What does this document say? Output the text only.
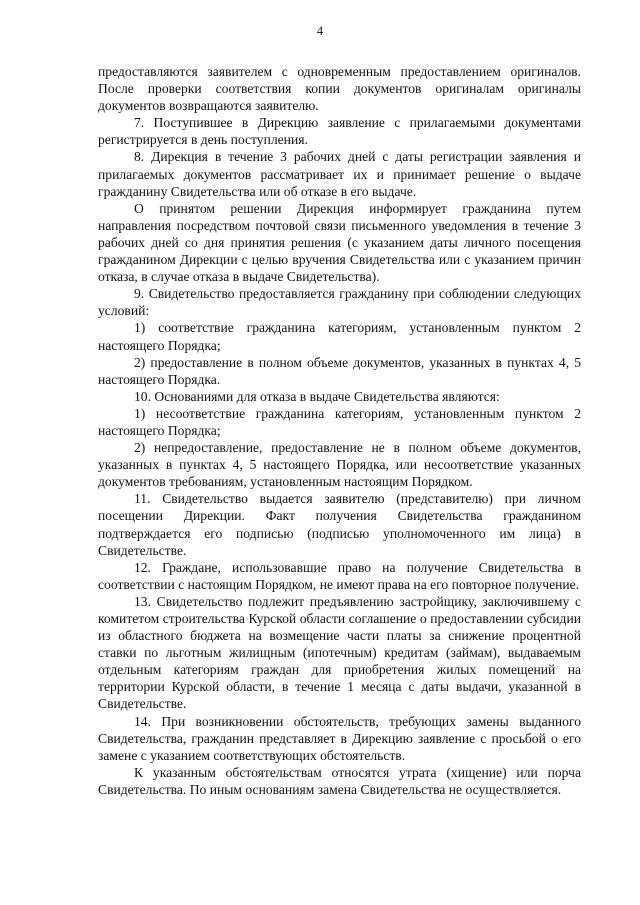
4

предоставляются заявителем с одновременным предоставлением оригиналов. После проверки соответствия копии документов оригиналам оригиналы документов возвращаются заявителю.

7. Поступившее в Дирекцию заявление с прилагаемыми документами регистрируется в день поступления.

8. Дирекция в течение 3 рабочих дней с даты регистрации заявления и прилагаемых документов рассматривает их и принимает решение о выдаче гражданину Свидетельства или об отказе в его выдаче.

О принятом решении Дирекция информирует гражданина путем направления посредством почтовой связи письменного уведомления в течение 3 рабочих дней со дня принятия решения (с указанием даты личного посещения гражданином Дирекции с целью вручения Свидетельства или с указанием причин отказа, в случае отказа в выдаче Свидетельства).

9. Свидетельство предоставляется гражданину при соблюдении следующих условий:

1) соответствие гражданина категориям, установленным пунктом 2 настоящего Порядка;

2) предоставление в полном объеме документов, указанных в пунктах 4, 5 настоящего Порядка.

10. Основаниями для отказа в выдаче Свидетельства являются:

1) несоответствие гражданина категориям, установленным пунктом 2 настоящего Порядка;

2) непредоставление, предоставление не в полном объеме документов, указанных в пунктах 4, 5 настоящего Порядка, или несоответствие указанных документов требованиям, установленным настоящим Порядком.

11. Свидетельство выдается заявителю (представителю) при личном посещении Дирекции. Факт получения Свидетельства гражданином подтверждается его подписью (подписью уполномоченного им лица) в Свидетельстве.

12. Граждане, использовавшие право на получение Свидетельства в соответствии с настоящим Порядком, не имеют права на его повторное получение.

13. Свидетельство подлежит предъявлению застройщику, заключившему с комитетом строительства Курской области соглашение о предоставлении субсидии из областного бюджета на возмещение части платы за снижение процентной ставки по льготным жилищным (ипотечным) кредитам (займам), выдаваемым отдельным категориям граждан для приобретения жилых помещений на территории Курской области, в течение 1 месяца с даты выдачи, указанной в Свидетельстве.

14. При возникновении обстоятельств, требующих замены выданного Свидетельства, гражданин представляет в Дирекцию заявление с просьбой о его замене с указанием соответствующих обстоятельств.

К указанным обстоятельствам относятся утрата (хищение) или порча Свидетельства. По иным основаниям замена Свидетельства не осуществляется.
